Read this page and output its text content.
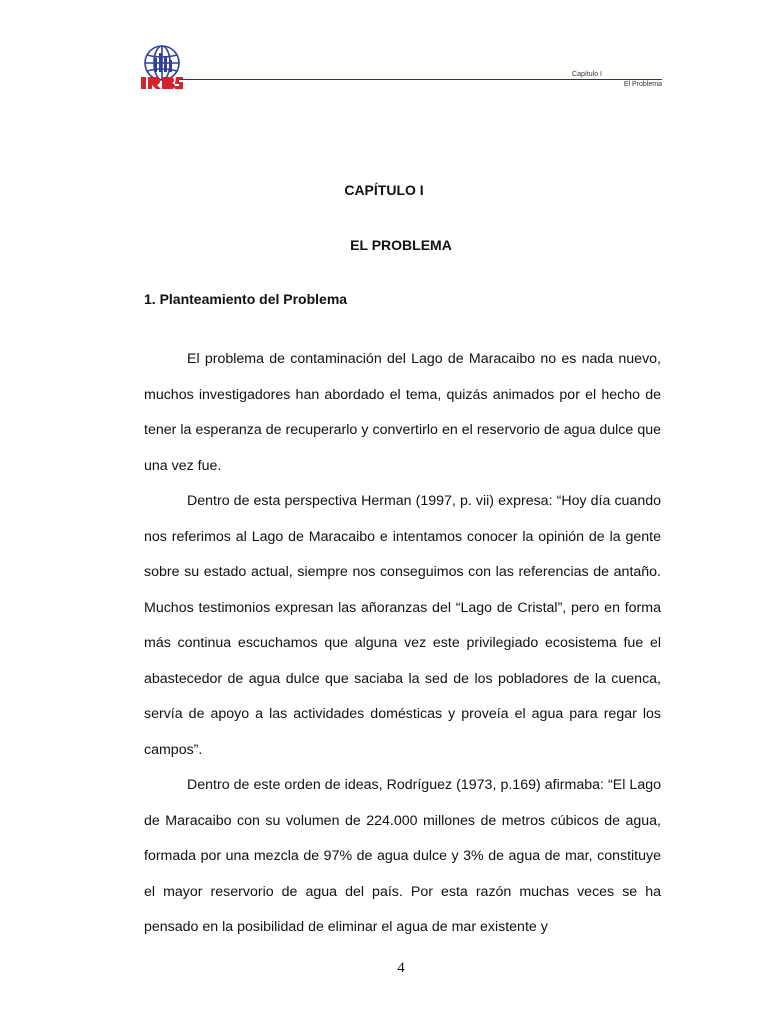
Capítulo I
El Problema
CAPÍTULO I
EL PROBLEMA
1. Planteamiento del Problema

El problema de contaminación del Lago de Maracaibo no es nada nuevo, muchos investigadores han abordado el tema, quizás animados por el hecho de tener la esperanza de recuperarlo y convertirlo en el reservorio de agua dulce que una vez fue.

Dentro de esta perspectiva Herman (1997, p. vii) expresa: “Hoy día cuando nos referimos al Lago de Maracaibo e intentamos conocer la opinión de la gente sobre su estado actual, siempre nos conseguimos con las referencias de antaño. Muchos testimonios expresan las añoranzas del “Lago de Cristal”, pero en forma más continua escuchamos que alguna vez este privilegiado ecosistema fue el abastecedor de agua dulce que saciaba la sed de los pobladores de la cuenca, servía de apoyo a las actividades domésticas y proveía el agua para regar los campos”.

Dentro de este orden de ideas, Rodríguez (1973, p.169) afirmaba: “El Lago de Maracaibo con su volumen de 224.000 millones de metros cúbicos de agua, formada por una mezcla de 97% de agua dulce y 3% de agua de mar, constituye el mayor reservorio de agua del país. Por esta razón muchas veces se ha pensado en la posibilidad de eliminar el agua de mar existente y

4
